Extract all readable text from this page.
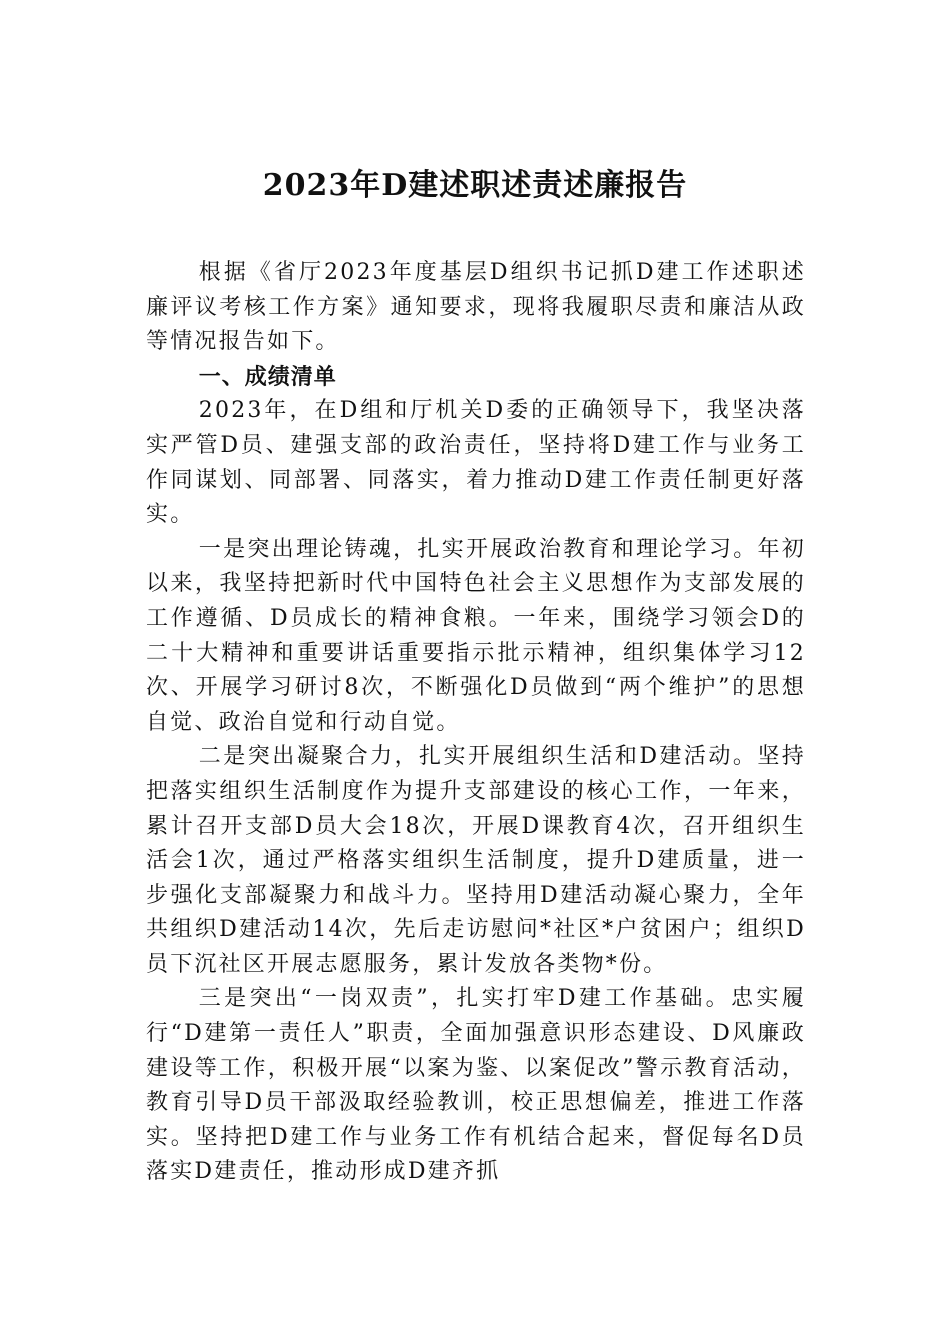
2023年D建述职述责述廉报告

根据《省厅2023年度基层D组织书记抓D建工作述职述廉评议考核工作方案》通知要求，现将我履职尽责和廉洁从政等情况报告如下。

一、成绩清单

2023年，在D组和厅机关D委的正确领导下，我坚决落实严管D员、建强支部的政治责任，坚持将D建工作与业务工作同谋划、同部署、同落实，着力推动D建工作责任制更好落实。

一是突出理论铸魂，扎实开展政治教育和理论学习。年初以来，我坚持把新时代中国特色社会主义思想作为支部发展的工作遵循、D员成长的精神食粮。一年来，围绕学习领会D的二十大精神和重要讲话重要指示批示精神，组织集体学习12次、开展学习研讨8次，不断强化D员做到“两个维护”的思想自觉、政治自觉和行动自觉。

二是突出凝聚合力，扎实开展组织生活和D建活动。坚持把落实组织生活制度作为提升支部建设的核心工作，一年来，累计召开支部D员大会18次，开展D课教育4次，召开组织生活会1次，通过严格落实组织生活制度，提升D建质量，进一步强化支部凝聚力和战斗力。坚持用D建活动凝心聚力，全年共组织D建活动14次，先后走访慰问*社区*户贫困户；组织D员下沉社区开展志愿服务，累计发放各类物*份。

三是突出“一岗双责”，扎实打牢D建工作基础。忠实履行“D建第一责任人”职责，全面加强意识形态建设、D风廉政建设等工作，积极开展“以案为鉴、以案促改”警示教育活动，教育引导D员干部汲取经验教训，校正思想偏差，推进工作落实。坚持把D建工作与业务工作有机结合起来，督促每名D员落实D建责任，推动形成D建齐抓
